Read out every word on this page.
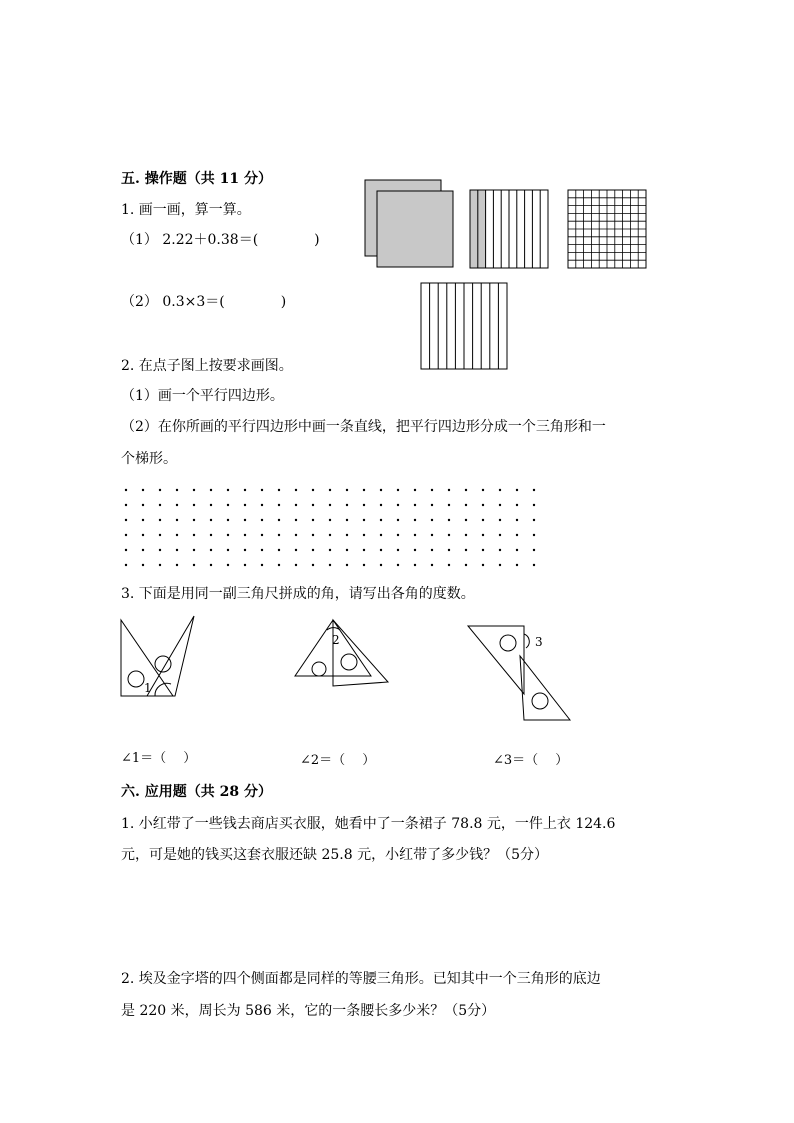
五. 操作题（共 11 分）
1. 画一画，算一算。
（1） 2.22＋0.38＝(　　　　)
（2） 0.3×3＝(　　　　)
2. 在点子图上按要求画图。
（1）画一个平行四边形。
（2）在你所画的平行四边形中画一条直线，把平行四边形分成一个三角形和一
个梯形。
3. 下面是用同一副三角尺拼成的角，请写出各角的度数。
1
2	3
∠1＝（　 ）	∠2＝（　 ）	∠3＝（　 ）
六. 应用题（共 28 分）
1. 小红带了一些钱去商店买衣服，她看中了一条裙子 78.8 元，一件上衣 124.6
元，可是她的钱买这套衣服还缺 25.8 元，小红带了多少钱？（5分）
2. 埃及金字塔的四个侧面都是同样的等腰三角形。已知其中一个三角形的底边
是 220 米，周长为 586 米，它的一条腰长多少米？（5分）
